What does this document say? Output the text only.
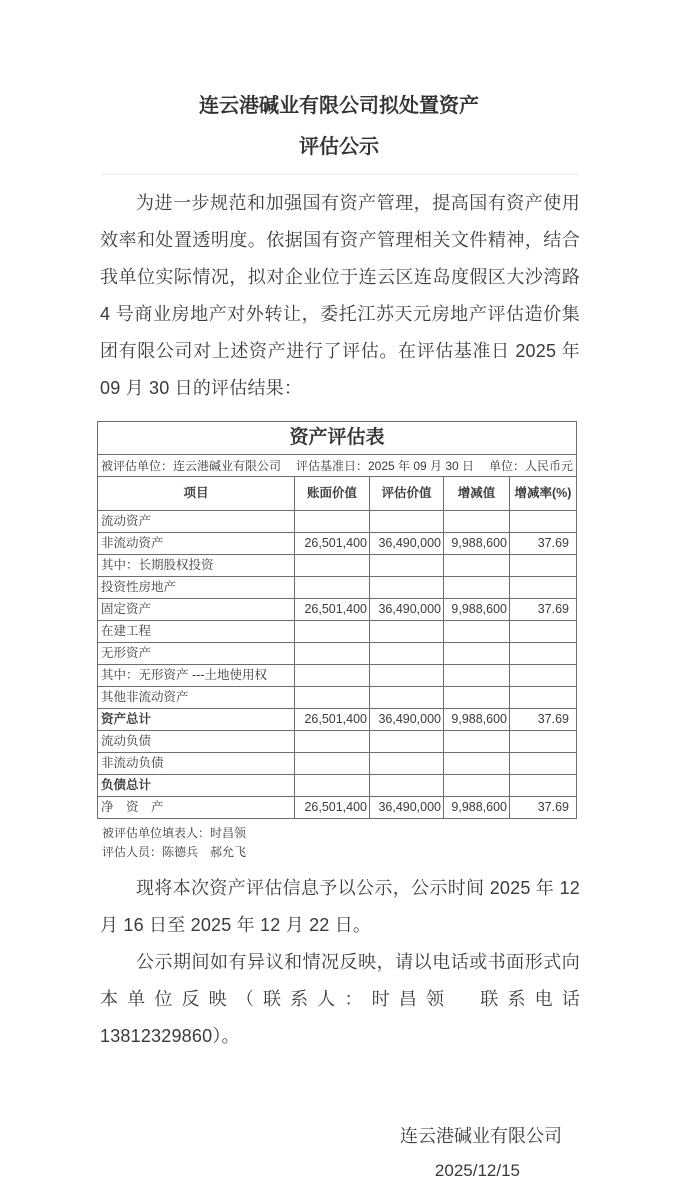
连云港碱业有限公司拟处置资产
评估公示

为进一步规范和加强国有资产管理，提高国有资产使用效率和处置透明度。依据国有资产管理相关文件精神，结合我单位实际情况，拟对企业位于连云区连岛度假区大沙湾路 4 号商业房地产对外转让，委托江苏天元房地产评估造价集团有限公司对上述资产进行了评估。在评估基准日 2025 年 09 月 30 日的评估结果：

资产评估表
被评估单位：连云港碱业有限公司 评估基准日：2025 年 09 月 30 日 单位：人民币元
项目	账面价值	评估价值	增减值	增减率(%)
流动资产
非流动资产	26,501,400 36,490,000 9,988,600	37.69
其中：长期股权投资
投资性房地产
固定资产	26,501,400 36,490,000 9,988,600	37.69
在建工程
无形资产
其中：无形资产 ---土地使用权
其他非流动资产
资产总计	26,501,400 36,490,000 9,988,600	37.69
流动负债
非流动负债
负债总计
净　资　产	26,501,400 36,490,000 9,988,600	37.69
被评估单位填表人：时昌领
评估人员：陈德兵　郝允飞

现将本次资产评估信息予以公示，公示时间 2025 年 12 月 16 日至 2025 年 12 月 22 日。

公示期间如有异议和情况反映，请以电话或书面形式向本单位反映（联系人：时昌领　联系电话　13812329860）。

连云港碱业有限公司
2025/12/15
